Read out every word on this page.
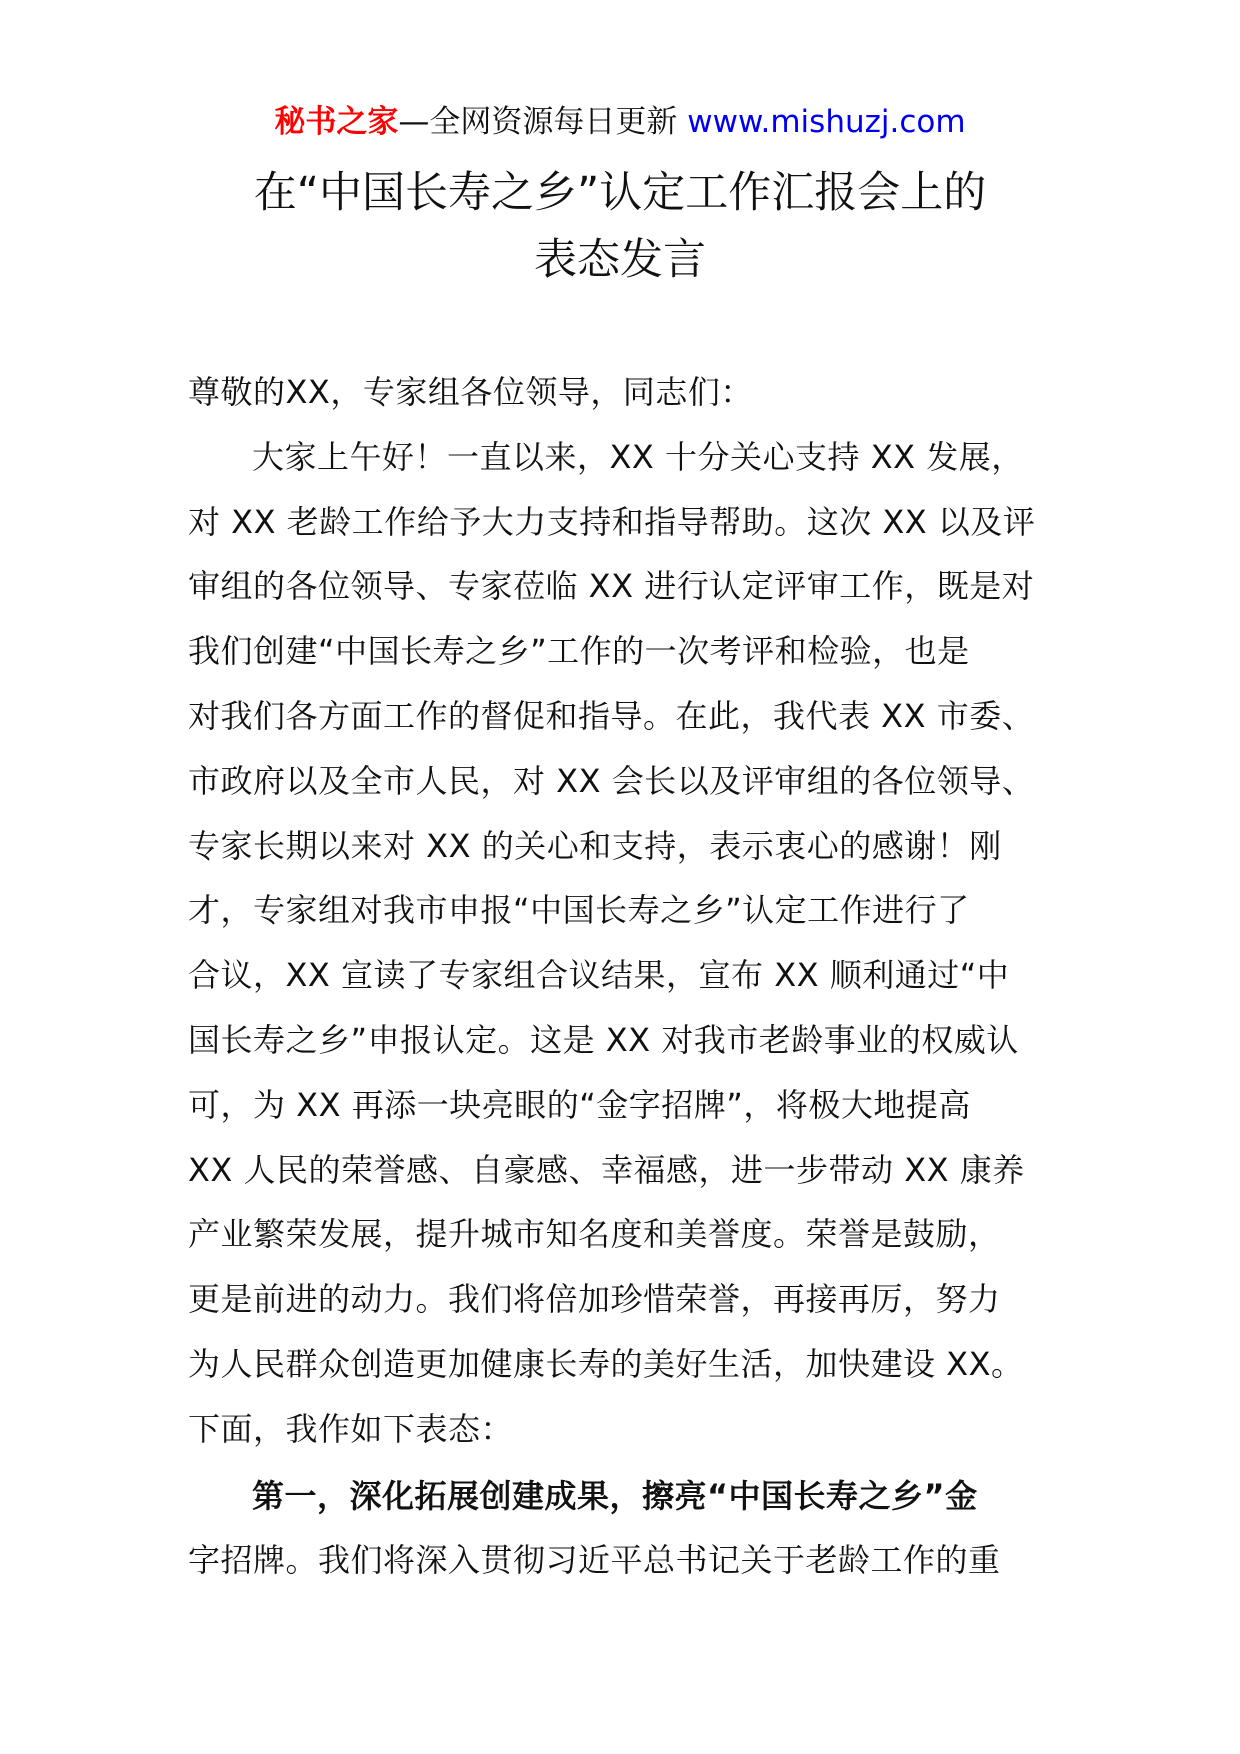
秘书之家—全网资源每日更新 www.mishuzj.com
在“中国长寿之乡”认定工作汇报会上的
表态发言
尊敬的XX，专家组各位领导，同志们：
大家上午好！一直以来，XX 十分关心支持 XX 发展，
对 XX 老龄工作给予大力支持和指导帮助。这次 XX 以及评
审组的各位领导、专家莅临 XX 进行认定评审工作，既是对
我们创建“中国长寿之乡”工作的一次考评和检验，也是
对我们各方面工作的督促和指导。在此，我代表 XX 市委、
市政府以及全市人民，对 XX 会长以及评审组的各位领导、
专家长期以来对 XX 的关心和支持，表示衷心的感谢！刚
才，专家组对我市申报“中国长寿之乡”认定工作进行了
合议，XX 宣读了专家组合议结果，宣布 XX 顺利通过“中
国长寿之乡”申报认定。这是 XX 对我市老龄事业的权威认
可，为 XX 再添一块亮眼的“金字招牌”，将极大地提高
XX 人民的荣誉感、自豪感、幸福感，进一步带动 XX 康养
产业繁荣发展，提升城市知名度和美誉度。荣誉是鼓励，
更是前进的动力。我们将倍加珍惜荣誉，再接再厉，努力
为人民群众创造更加健康长寿的美好生活，加快建设 XX。
下面，我作如下表态：
第一，深化拓展创建成果，擦亮“中国长寿之乡”金
字招牌。我们将深入贯彻习近平总书记关于老龄工作的重
